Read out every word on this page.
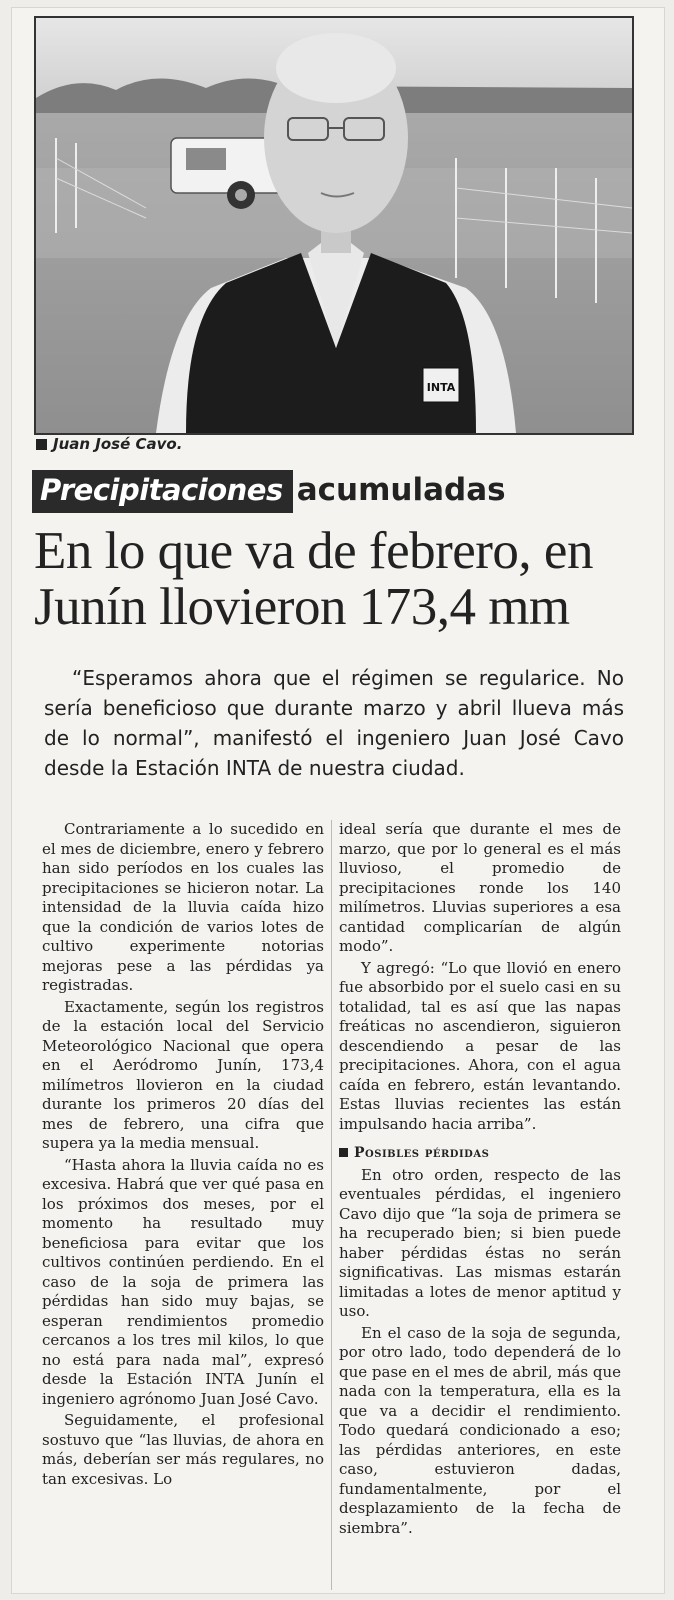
INTA
Juan José Cavo.
Precipitaciones acumuladas
En lo que va de febrero, en Junín llovieron 173,4 mm

“Esperamos ahora que el régimen se regularice. No sería beneficioso que durante marzo y abril llueva más de lo normal”, manifestó el ingeniero Juan José Cavo desde la Estación INTA de nuestra ciudad.

Contrariamente a lo sucedido en el mes de diciembre, enero y febrero han sido períodos en los cuales las precipitaciones se hicieron notar. La intensidad de la lluvia caída hizo que la condición de varios lotes de cultivo experimente notorias mejoras pese a las pérdidas ya registradas.

Exactamente, según los registros de la estación local del Servicio Meteorológico Nacional que opera en el Aeródromo Junín, 173,4 milímetros llovieron en la ciudad durante los primeros 20 días del mes de febrero, una cifra que supera ya la media mensual.

“Hasta ahora la lluvia caída no es excesiva. Habrá que ver qué pasa en los próximos dos meses, por el momento ha resultado muy beneficiosa para evitar que los cultivos continúen perdiendo. En el caso de la soja de primera las pérdidas han sido muy bajas, se esperan rendimientos promedio cercanos a los tres mil kilos, lo que no está para nada mal”, expresó desde la Estación INTA Junín el ingeniero agrónomo Juan José Cavo.

Seguidamente, el profesional sostuvo que “las lluvias, de ahora en más, deberían ser más regulares, no tan excesivas. Lo

ideal sería que durante el mes de marzo, que por lo general es el más lluvioso, el promedio de precipitaciones ronde los 140 milímetros. Lluvias superiores a esa cantidad complicarían de algún modo”.

Y agregó: “Lo que llovió en enero fue absorbido por el suelo casi en su totalidad, tal es así que las napas freáticas no ascendieron, siguieron descendiendo a pesar de las precipitaciones. Ahora, con el agua caída en febrero, están levantando. Estas lluvias recientes las están impulsando hacia arriba”.

Posibles pérdidas

En otro orden, respecto de las eventuales pérdidas, el ingeniero Cavo dijo que “la soja de primera se ha recuperado bien; si bien puede haber pérdidas éstas no serán significativas. Las mismas estarán limitadas a lotes de menor aptitud y uso.

En el caso de la soja de segunda, por otro lado, todo dependerá de lo que pase en el mes de abril, más que nada con la temperatura, ella es la que va a decidir el rendimiento. Todo quedará condicionado a eso; las pérdidas anteriores, en este caso, estuvieron dadas, fundamentalmente, por el desplazamiento de la fecha de siembra”.
